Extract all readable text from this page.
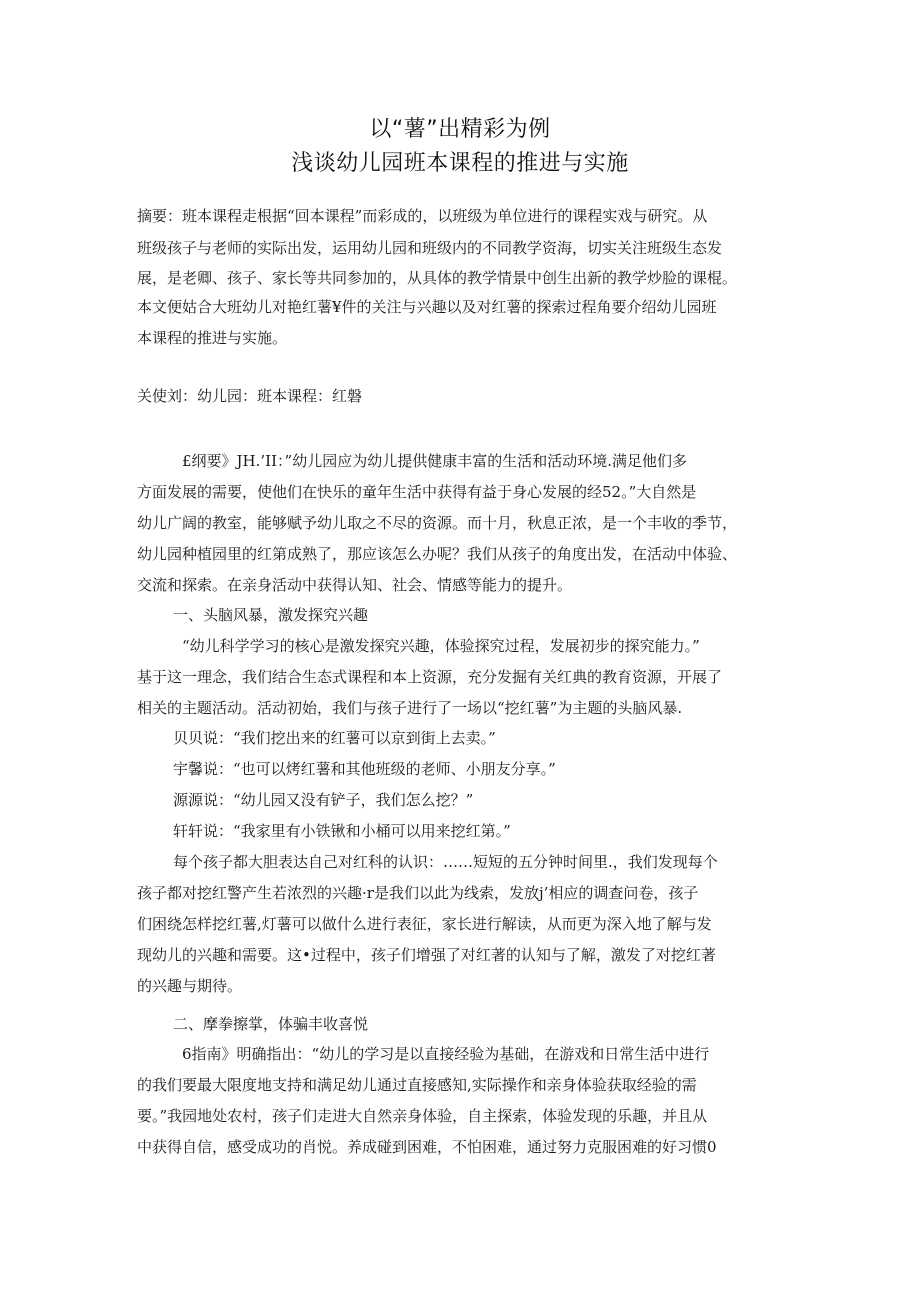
以“薯”出精彩为例
浅谈幼儿园班本课程的推进与实施
摘要：班本课程走根据“回本课程”而彩成的，以班级为单位进行的课程实戏与研究。从
班级孩子与老师的实际出发，运用幼儿园和班级内的不同教学资海，切实关注班级生态发
展，是老卿、孩子、家长等共同参加的，从具体的教学情景中创生出新的教学炒脸的课棍。
本文便姑合大班幼儿对艳红薯¥件的关注与兴趣以及对红薯的探索过程角要介绍幼儿园班
本课程的推进与实施。
关使刘：幼儿园：班本课程：红磐
£纲要》JH.’II：”幼儿园应为幼儿提供健康丰富的生活和活动环境.满足他们多
方面发展的需要，使他们在快乐的童年生活中获得有益于身心发展的经52。”大自然是
幼儿广阔的教室，能够赋予幼儿取之不尽的资源。而十月，秋息正浓，是一个丰收的季节，
幼儿园种植园里的红第成熟了，那应该怎么办呢？我们从孩子的角度出发，在活动中体验、
交流和探索。在亲身活动中获得认知、社会、情感等能力的提升。
一、头脑风暴，激发探究兴趣
“幼儿科学学习的核心是激发探究兴趣，体验探究过程，发展初步的探究能力。”
基于这一理念，我们结合生态式课程和本上资源，充分发掘有关红典的教育资源，开展了
相关的主题活动。活动初始，我们与孩子进行了一场以“挖红薯”为主题的头脑风暴.
贝贝说：“我们挖出来的红薯可以京到街上去卖。”
宇馨说：“也可以烤红薯和其他班级的老师、小朋友分享。”
源源说：“幼儿园又没有铲子，我们怎么挖？”
轩轩说：“我家里有小铁锹和小桶可以用来挖红第。”
每个孩子都大胆表达自己对红科的认识：……短短的五分钟时间里.，我们发现每个
孩子都对挖红警产生若浓烈的兴趣·r是我们以此为线索，发放j’相应的调查问卷，孩子
们困绕怎样挖红薯,灯薯可以做什么进行表征，家长进行解读，从而更为深入地了解与发
现幼儿的兴趣和需要。这•过程中，孩子们增强了对红著的认知与了解，激发了对挖红著
的兴趣与期待。
二、摩拳擦掌，体骗丰收喜悦
6指南》明确指出：“幼儿的学习是以直接经验为基础，在游戏和日常生活中进行
的我们要最大限度地支持和满足幼儿通过直接感知,实际操作和亲身体验获取经验的需
要。”我园地处农村，孩子们走进大自然亲身体验，自主探索，体验发现的乐趣，并且从
中获得自信，感受成功的肖悦。养成碰到困难，不怕困难，通过努力克服困难的好习惯0
